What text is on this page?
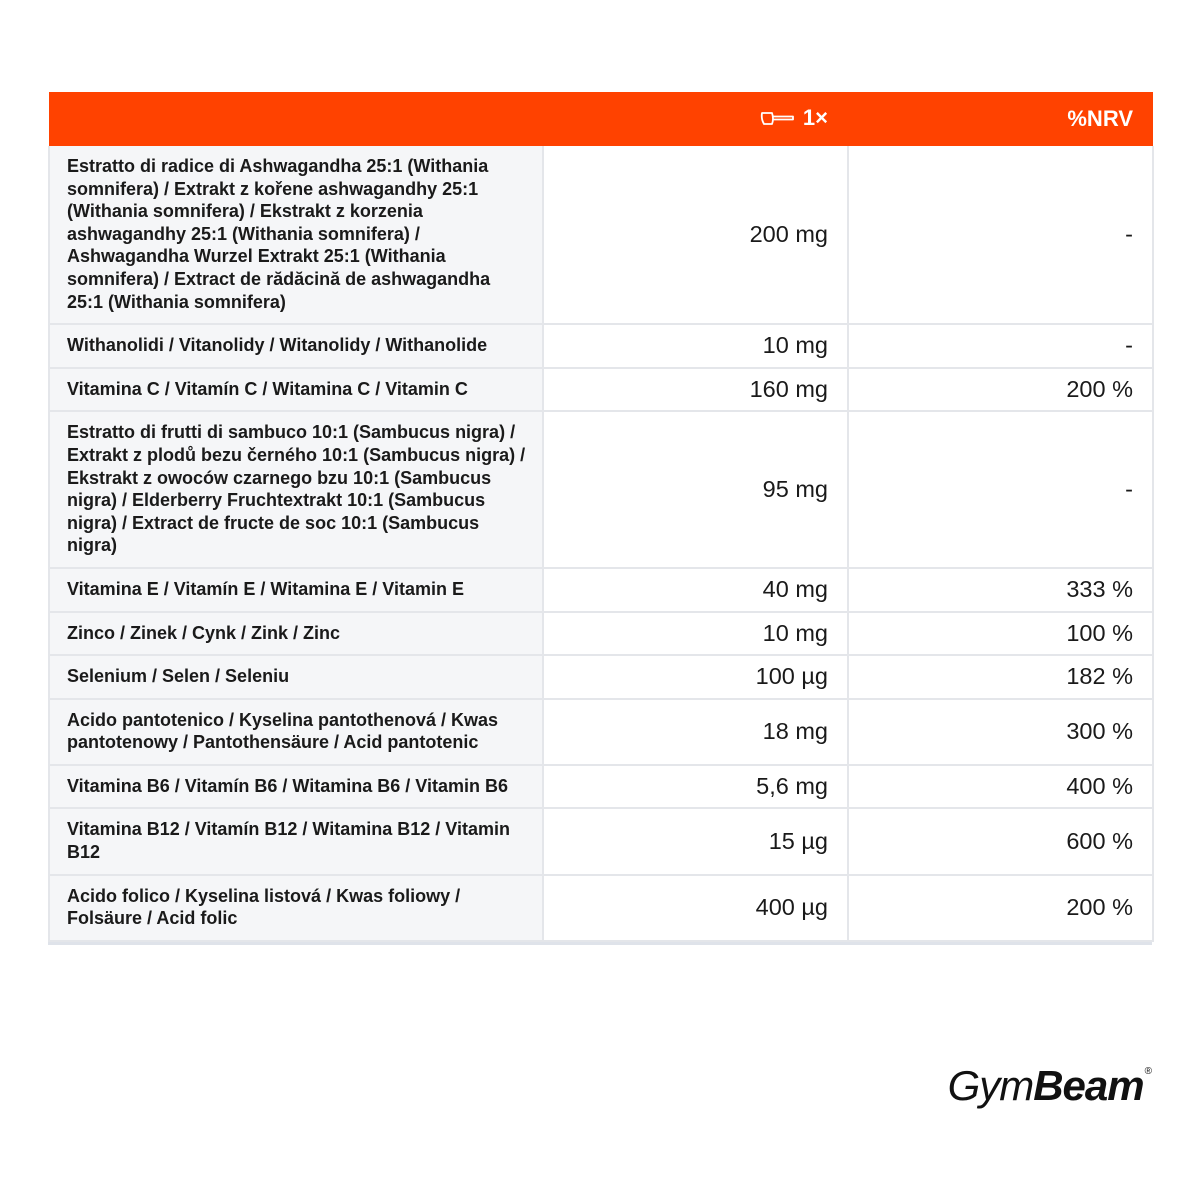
	1×	%NRV
Estratto di radice di Ashwagandha 25:1 (Withania somnifera) / Extrakt z kořene ashwagandhy 25:1 (Withania somnifera) / Ekstrakt z korzenia ashwagandhy 25:1 (Withania somnifera) / Ashwagandha Wurzel Extrakt 25:1 (Withania somnifera) / Extract de rădăcină de ashwagandha 25:1 (Withania somnifera)	200 mg	-
Withanolidi / Vitanolidy / Witanolidy / Withanolide	10 mg	-
Vitamina C / Vitamín C / Witamina C / Vitamin C	160 mg	200 %
Estratto di frutti di sambuco 10:1 (Sambucus nigra) / Extrakt z plodů bezu černého 10:1 (Sambucus nigra) / Ekstrakt z owoców czarnego bzu 10:1 (Sambucus nigra) / Elderberry Fruchtextrakt 10:1 (Sambucus nigra) / Extract de fructe de soc 10:1 (Sambucus nigra)	95 mg	-
Vitamina E / Vitamín E / Witamina E / Vitamin E	40 mg	333 %
Zinco / Zinek / Cynk / Zink / Zinc	10 mg	100 %
Selenium / Selen / Seleniu	100 µg	182 %
Acido pantotenico / Kyselina pantothenová / Kwas pantotenowy / Pantothensäure / Acid pantotenic	18 mg	300 %
Vitamina B6 / Vitamín B6 / Witamina B6 / Vitamin B6	5,6 mg	400 %
Vitamina B12 / Vitamín B12 / Witamina B12 / Vitamin B12	15 µg	600 %
Acido folico / Kyselina listová / Kwas foliowy / Folsäure / Acid folic	400 µg	200 %
GymBeam®
